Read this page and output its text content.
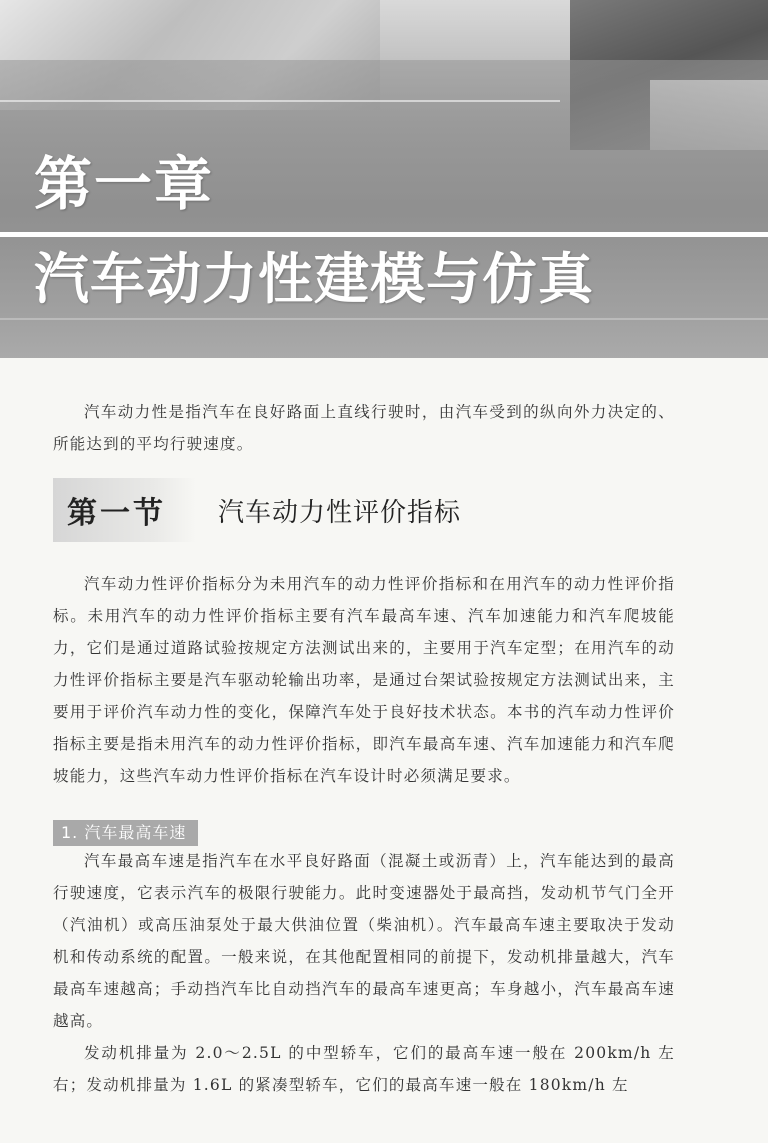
第一章
汽车动力性建模与仿真

汽车动力性是指汽车在良好路面上直线行驶时，由汽车受到的纵向外力决定的、所能达到的平均行驶速度。

第一节	汽车动力性评价指标

汽车动力性评价指标分为未用汽车的动力性评价指标和在用汽车的动力性评价指标。未用汽车的动力性评价指标主要有汽车最高车速、汽车加速能力和汽车爬坡能力，它们是通过道路试验按规定方法测试出来的，主要用于汽车定型；在用汽车的动力性评价指标主要是汽车驱动轮输出功率，是通过台架试验按规定方法测试出来，主要用于评价汽车动力性的变化，保障汽车处于良好技术状态。本书的汽车动力性评价指标主要是指未用汽车的动力性评价指标，即汽车最高车速、汽车加速能力和汽车爬坡能力，这些汽车动力性评价指标在汽车设计时必须满足要求。

1. 汽车最高车速

汽车最高车速是指汽车在水平良好路面（混凝土或沥青）上，汽车能达到的最高行驶速度，它表示汽车的极限行驶能力。此时变速器处于最高挡，发动机节气门全开（汽油机）或高压油泵处于最大供油位置（柴油机）。汽车最高车速主要取决于发动机和传动系统的配置。一般来说，在其他配置相同的前提下，发动机排量越大，汽车最高车速越高；手动挡汽车比自动挡汽车的最高车速更高；车身越小，汽车最高车速越高。

发动机排量为 2.0～2.5L 的中型轿车，它们的最高车速一般在 200km/h 左右；发动机排量为 1.6L 的紧凑型轿车，它们的最高车速一般在 180km/h 左
